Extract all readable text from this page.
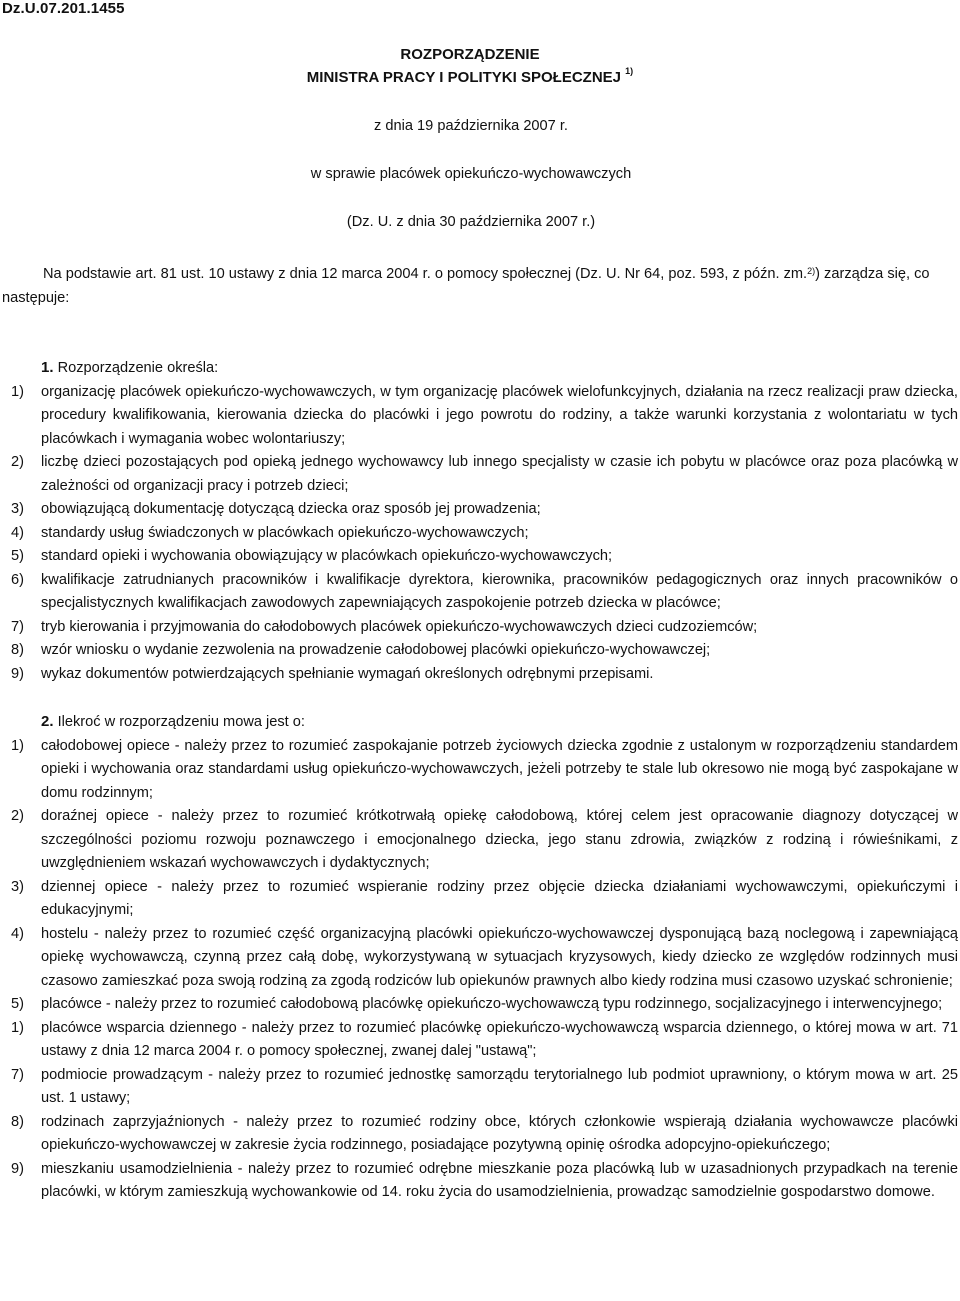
Dz.U.07.201.1455
ROZPORZĄDZENIE
MINISTRA PRACY I POLITYKI SPOŁECZNEJ $^{1)}$
z dnia 19 października 2007 r.
w sprawie placówek opiekuńczo-wychowawczych
(Dz. U. z dnia 30 października 2007 r.)
Na podstawie art. 81 ust. 10 ustawy z dnia 12 marca 2004 r. o pomocy społecznej (Dz. U. Nr 64, poz. 593, z późn. zm.$^{2)}$) zarządza się, co następuje:
1. Rozporządzenie określa:
1) organizację placówek opiekuńczo-wychowawczych, w tym organizację placówek wielofunkcyjnych, działania na rzecz realizacji praw dziecka, procedury kwalifikowania, kierowania dziecka do placówki i jego powrotu do rodziny, a także warunki korzystania z wolontariatu w tych placówkach i wymagania wobec wolontariuszy;
2) liczbę dzieci pozostających pod opieką jednego wychowawcy lub innego specjalisty w czasie ich pobytu w placówce oraz poza placówką w zależności od organizacji pracy i potrzeb dzieci;
3) obowiązującą dokumentację dotyczącą dziecka oraz sposób jej prowadzenia;
4) standardy usług świadczonych w placówkach opiekuńczo-wychowawczych;
5) standard opieki i wychowania obowiązujący w placówkach opiekuńczo-wychowawczych;
6) kwalifikacje zatrudnianych pracowników i kwalifikacje dyrektora, kierownika, pracowników pedagogicznych oraz innych pracowników o specjalistycznych kwalifikacjach zawodowych zapewniających zaspokojenie potrzeb dziecka w placówce;
7) tryb kierowania i przyjmowania do całodobowych placówek opiekuńczo-wychowawczych dzieci cudzoziemców;
8) wzór wniosku o wydanie zezwolenia na prowadzenie całodobowej placówki opiekuńczo-wychowawczej;
9) wykaz dokumentów potwierdzających spełnianie wymagań określonych odrębnymi przepisami.
2. Ilekroć w rozporządzeniu mowa jest o:
1) całodobowej opiece - należy przez to rozumieć zaspokajanie potrzeb życiowych dziecka zgodnie z ustalonym w rozporządzeniu standardem opieki i wychowania oraz standardami usług opiekuńczo-wychowawczych, jeżeli potrzeby te stale lub okresowo nie mogą być zaspokajane w domu rodzinnym;
2) doraźnej opiece - należy przez to rozumieć krótkotrwałą opiekę całodobową, której celem jest opracowanie diagnozy dotyczącej w szczególności poziomu rozwoju poznawczego i emocjonalnego dziecka, jego stanu zdrowia, związków z rodziną i rówieśnikami, z uwzględnieniem wskazań wychowawczych i dydaktycznych;
3) dziennej opiece - należy przez to rozumieć wspieranie rodziny przez objęcie dziecka działaniami wychowawczymi, opiekuńczymi i edukacyjnymi;
4) hostelu - należy przez to rozumieć część organizacyjną placówki opiekuńczo-wychowawczej dysponującą bazą noclegową i zapewniającą opiekę wychowawczą, czynną przez całą dobę, wykorzystywaną w sytuacjach kryzysowych, kiedy dziecko ze względów rodzinnych musi czasowo zamieszkać poza swoją rodziną za zgodą rodziców lub opiekunów prawnych albo kiedy rodzina musi czasowo uzyskać schronienie;
5) placówce - należy przez to rozumieć całodobową placówkę opiekuńczo-wychowawczą typu rodzinnego, socjalizacyjnego i interwencyjnego;
1) placówce wsparcia dziennego - należy przez to rozumieć placówkę opiekuńczo-wychowawczą wsparcia dziennego, o której mowa w art. 71 ustawy z dnia 12 marca 2004 r. o pomocy społecznej, zwanej dalej "ustawą";
7) podmiocie prowadzącym - należy przez to rozumieć jednostkę samorządu terytorialnego lub podmiot uprawniony, o którym mowa w art. 25 ust. 1 ustawy;
8) rodzinach zaprzyjaźnionych - należy przez to rozumieć rodziny obce, których członkowie wspierają działania wychowawcze placówki opiekuńczo-wychowawczej w zakresie życia rodzinnego, posiadające pozytywną opinię ośrodka adopcyjno-opiekuńczego;
9) mieszkaniu usamodzielnienia - należy przez to rozumieć odrębne mieszkanie poza placówką lub w uzasadnionych przypadkach na terenie placówki, w którym zamieszkują wychowankowie od 14. roku życia do usamodzielnienia, prowadząc samodzielnie gospodarstwo domowe.
